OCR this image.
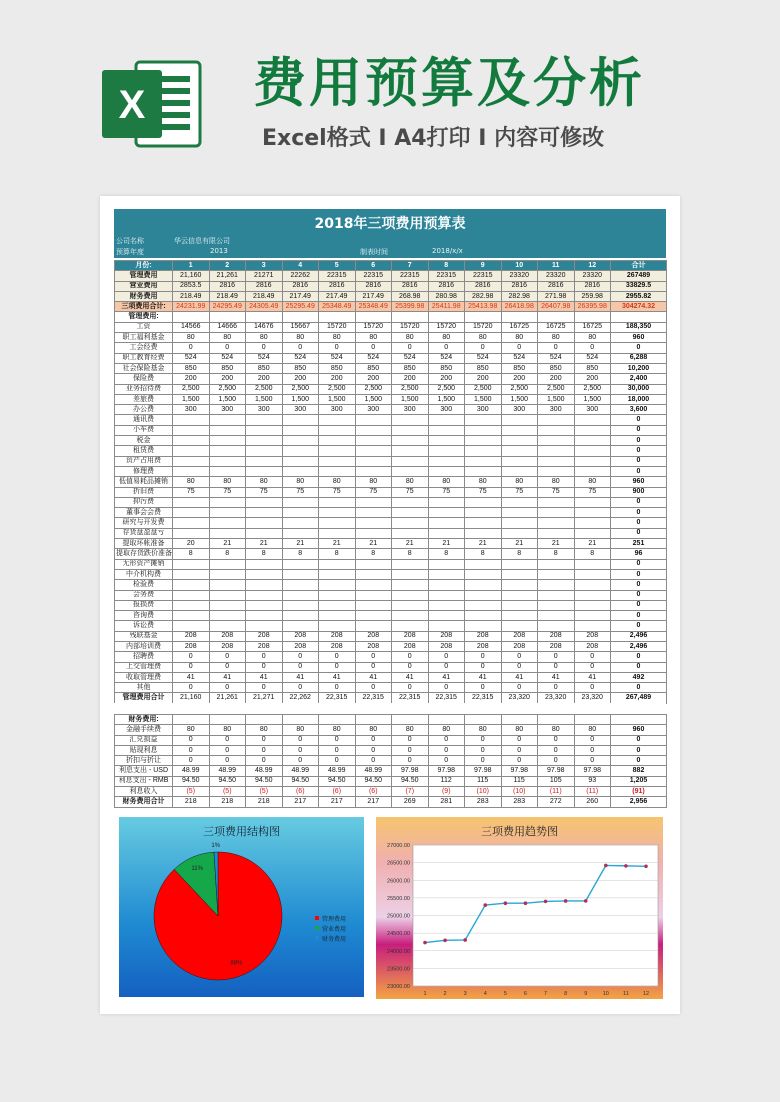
X 费用预算及分析
Excel格式 Ⅰ A4打印 Ⅰ 内容可修改
2018年三项费用预算表
公司名称	华云信息有限公司
预算年度	2013	制表时间	2018/x/x
月份:	1	2	3	4	5	6	7	8	9	10	11	12	合计
管理费用	21,160	21,261	21271	22262	22315	22315	22315	22315	22315	23320	23320	23320	267489
营业费用	2853.5	2816	2816	2816	2816	2816	2816	2816	2816	2816	2816	2816	33829.5
财务费用	218.49	218.49	218.49	217.49	217.49	217.49	268.98	280.98	282.98	282.98	271.98	259.98	2955.82
三项费用合计:	24231.99	24295.49	24305.49	25295.49	25348.49	25348.49	25399.98	25411.98	25413.98	26418.98	26407.98	26395.98	304274.32
管理费用:													
工资	14566	14666	14676	15667	15720	15720	15720	15720	15720	16725	16725	16725	188,350
职工福利基金	80	80	80	80	80	80	80	80	80	80	80	80	960
工会经费	0	0	0	0	0	0	0	0	0	0	0	0	0
职工教育经费	524	524	524	524	524	524	524	524	524	524	524	524	6,288
社会保险基金	850	850	850	850	850	850	850	850	850	850	850	850	10,200
保险费	200	200	200	200	200	200	200	200	200	200	200	200	2,400
业务招待费	2,500	2,500	2,500	2,500	2,500	2,500	2,500	2,500	2,500	2,500	2,500	2,500	30,000
差旅费	1,500	1,500	1,500	1,500	1,500	1,500	1,500	1,500	1,500	1,500	1,500	1,500	18,000
办公费	300	300	300	300	300	300	300	300	300	300	300	300	3,600
通讯费													0
小车费													0
税金													0
租赁费													0
资产占用费													0
修理费													0
低值易耗品摊销	80	80	80	80	80	80	80	80	80	80	80	80	960
折旧费	75	75	75	75	75	75	75	75	75	75	75	75	900
抑污费													0
董事会会费													0
研究与开发费													0
存货盘盈盘亏													0
提取坏帐准备	20	21	21	21	21	21	21	21	21	21	21	21	251
提取存货跌价准备	8	8	8	8	8	8	8	8	8	8	8	8	96
无形资产摊销													0
中介机构费													0
检验费													0
会务费													0
报损费													0
咨询费													0
诉讼费													0
残联基金	208	208	208	208	208	208	208	208	208	208	208	208	2,496
内部培训费	208	208	208	208	208	208	208	208	208	208	208	208	2,496
招聘费	0	0	0	0	0	0	0	0	0	0	0	0	0
上交管理费	0	0	0	0	0	0	0	0	0	0	0	0	0
收取管理费	41	41	41	41	41	41	41	41	41	41	41	41	492
其他	0	0	0	0	0	0	0	0	0	0	0	0	0
管理费用合计	21,160	21,261	21,271	22,262	22,315	22,315	22,315	22,315	22,315	23,320	23,320	23,320	267,489
财务费用:													
金融手续费	80	80	80	80	80	80	80	80	80	80	80	80	960
汇兑损益	0	0	0	0	0	0	0	0	0	0	0	0	0
贴现利息	0	0	0	0	0	0	0	0	0	0	0	0	0
折扣与折让	0	0	0	0	0	0	0	0	0	0	0	0	0
利息支出 - USD	48.99	48.99	48.99	48.99	48.99	48.99	97.98	97.98	97.98	97.98	97.98	97.98	882
利息支出 - RMB	94.50	94.50	94.50	94.50	94.50	94.50	94.50	112	115	115	105	93	1,205
利息收入	(5)	(5)	(5)	(6)	(6)	(6)	(7)	(9)	(10)	(10)	(11)	(11)	(91)
财务费用合计	218	218	218	217	217	217	269	281	283	283	272	260	2,956
三项费用结构图
88%
11%
1%
管理费用
营业费用
财务费用
三项费用趋势图
27000.00
26500.00
26000.00
25500.00
25000.00
24500.00
24000.00
23500.00
23000.00
1	2	3	4	5	6	7	8	9	10	11	12
